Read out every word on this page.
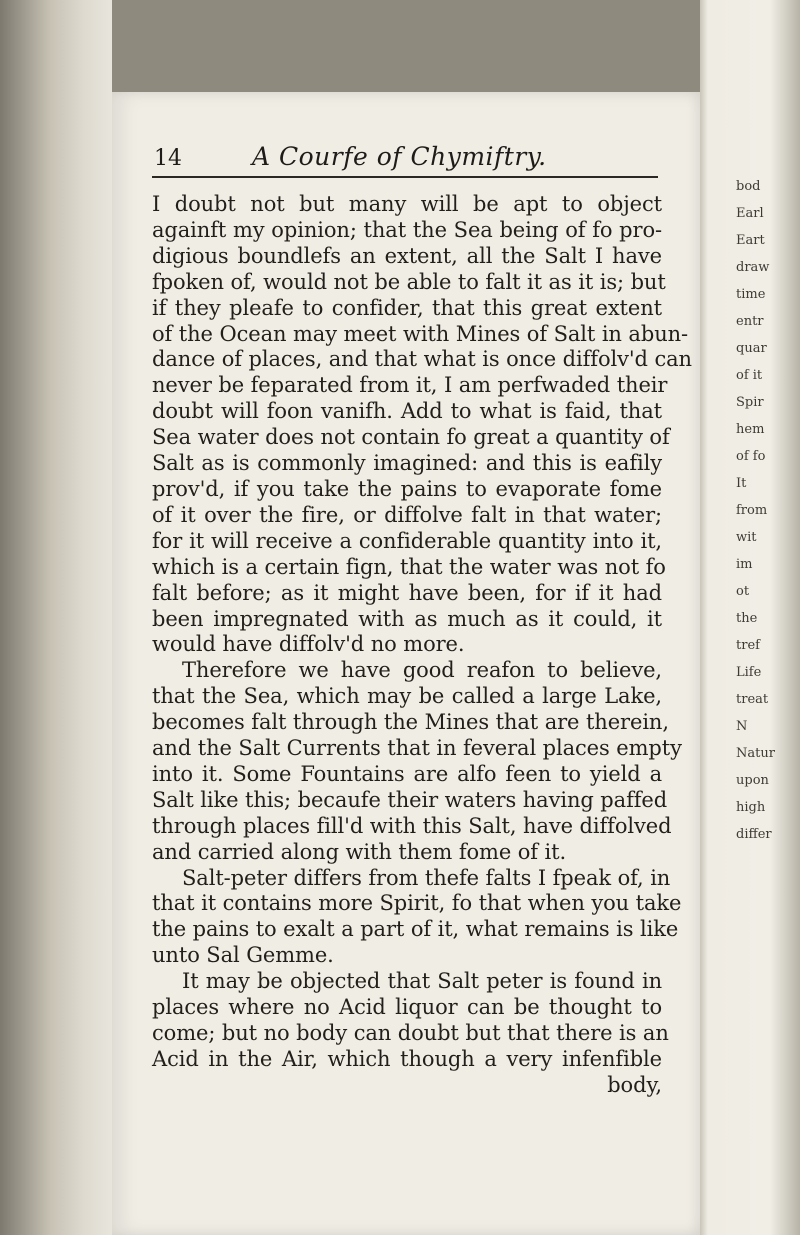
bod
Earl
Eart
draw
time
entr
quar
of it
Spir
hem
of fo
It
from
wit
im
ot
the
tref
Life
treat
N
Natur
upon
high
differ
14	A Courfe of Chymiftry.
I doubt not but many will be apt to object
againft my opinion; that the Sea being of fo pro-
digious boundlefs an extent, all the Salt I have
fpoken of, would not be able to falt it as it is; but
if they pleafe to confider, that this great extent
of the Ocean may meet with Mines of Salt in abun-
dance of places, and that what is once diffolv'd can
never be feparated from it, I am perfwaded their
doubt will foon vanifh. Add to what is faid, that
Sea water does not contain fo great a quantity of
Salt as is commonly imagined: and this is eafily
prov'd, if you take the pains to evaporate fome
of it over the fire, or diffolve falt in that water;
for it will receive a confiderable quantity into it,
which is a certain fign, that the water was not fo
falt before; as it might have been, for if it had
been impregnated with as much as it could, it
would have diffolv'd no more.
Therefore we have good reafon to believe,
that the Sea, which may be called a large Lake,
becomes falt through the Mines that are therein,
and the Salt Currents that in feveral places empty
into it. Some Fountains are alfo feen to yield a
Salt like this; becaufe their waters having paffed
through places fill'd with this Salt, have diffolved
and carried along with them fome of it.
Salt-peter differs from thefe falts I fpeak of, in
that it contains more Spirit, fo that when you take
the pains to exalt a part of it, what remains is like
unto Sal Gemme.
It may be objected that Salt peter is found in
places where no Acid liquor can be thought to
come; but no body can doubt but that there is an
Acid in the Air, which though a very infenfible
body,
